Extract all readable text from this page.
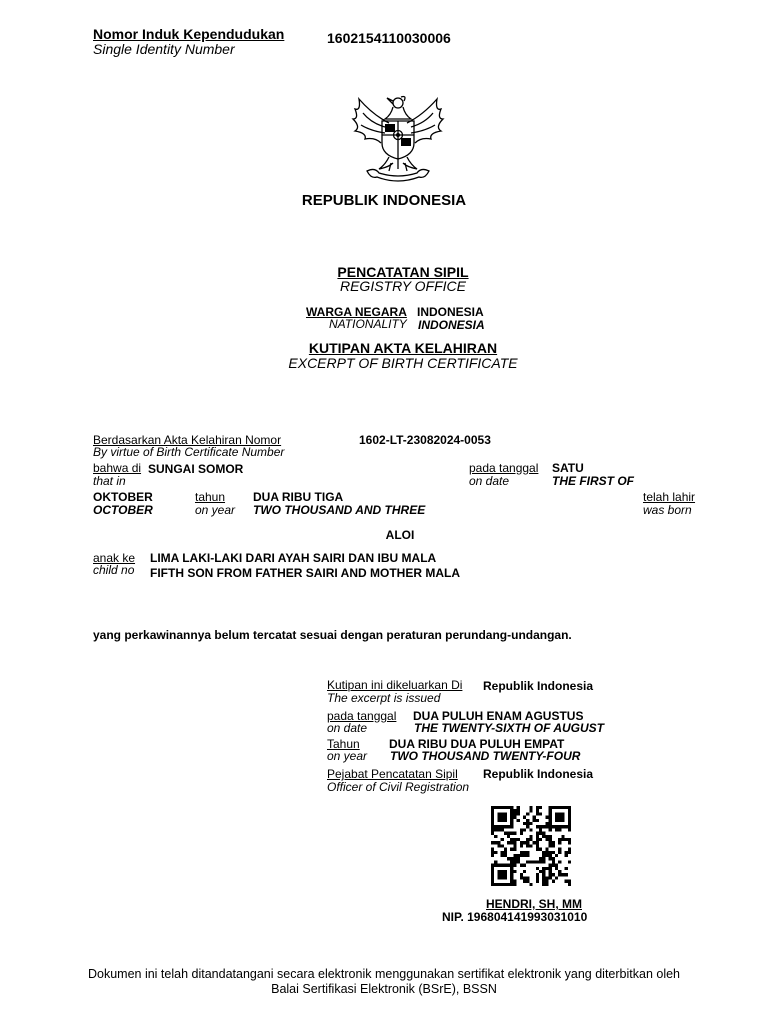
Nomor Induk Kependudukan
Single Identity Number
1602154110030006
REPUBLIK INDONESIA
PENCATATAN SIPIL
REGISTRY OFFICE
WARGA NEGARA INDONESIA
NATIONALITY INDONESIA
KUTIPAN AKTA KELAHIRAN
EXCERPT OF BIRTH CERTIFICATE
Berdasarkan Akta Kelahiran Nomor
By virtue of Birth Certificate Number
1602-LT-23082024-0053
bahwa di
that in
SUNGAI SOMOR	pada tanggal
on date
SATU
THE FIRST OF
OKTOBER
OCTOBER
tahun
on year
DUA RIBU TIGA
TWO THOUSAND AND THREE
telah lahir
was born
ALOI
anak ke
child no
LIMA LAKI-LAKI DARI AYAH SAIRI DAN IBU MALA
FIFTH SON FROM FATHER SAIRI AND MOTHER MALA
yang perkawinannya belum tercatat sesuai dengan peraturan perundang-undangan.
Kutipan ini dikeluarkan Di
The excerpt is issued
Republik Indonesia
pada tanggal
on date
DUA PULUH ENAM AGUSTUS
THE TWENTY-SIXTH OF AUGUST
Tahun
on year
DUA RIBU DUA PULUH EMPAT
TWO THOUSAND TWENTY-FOUR
Pejabat Pencatatan Sipil
Officer of Civil Registration
Republik Indonesia
HENDRI, SH, MM
NIP. 196804141993031010
Dokumen ini telah ditandatangani secara elektronik menggunakan sertifikat elektronik yang diterbitkan oleh
Balai Sertifikasi Elektronik (BSrE), BSSN
